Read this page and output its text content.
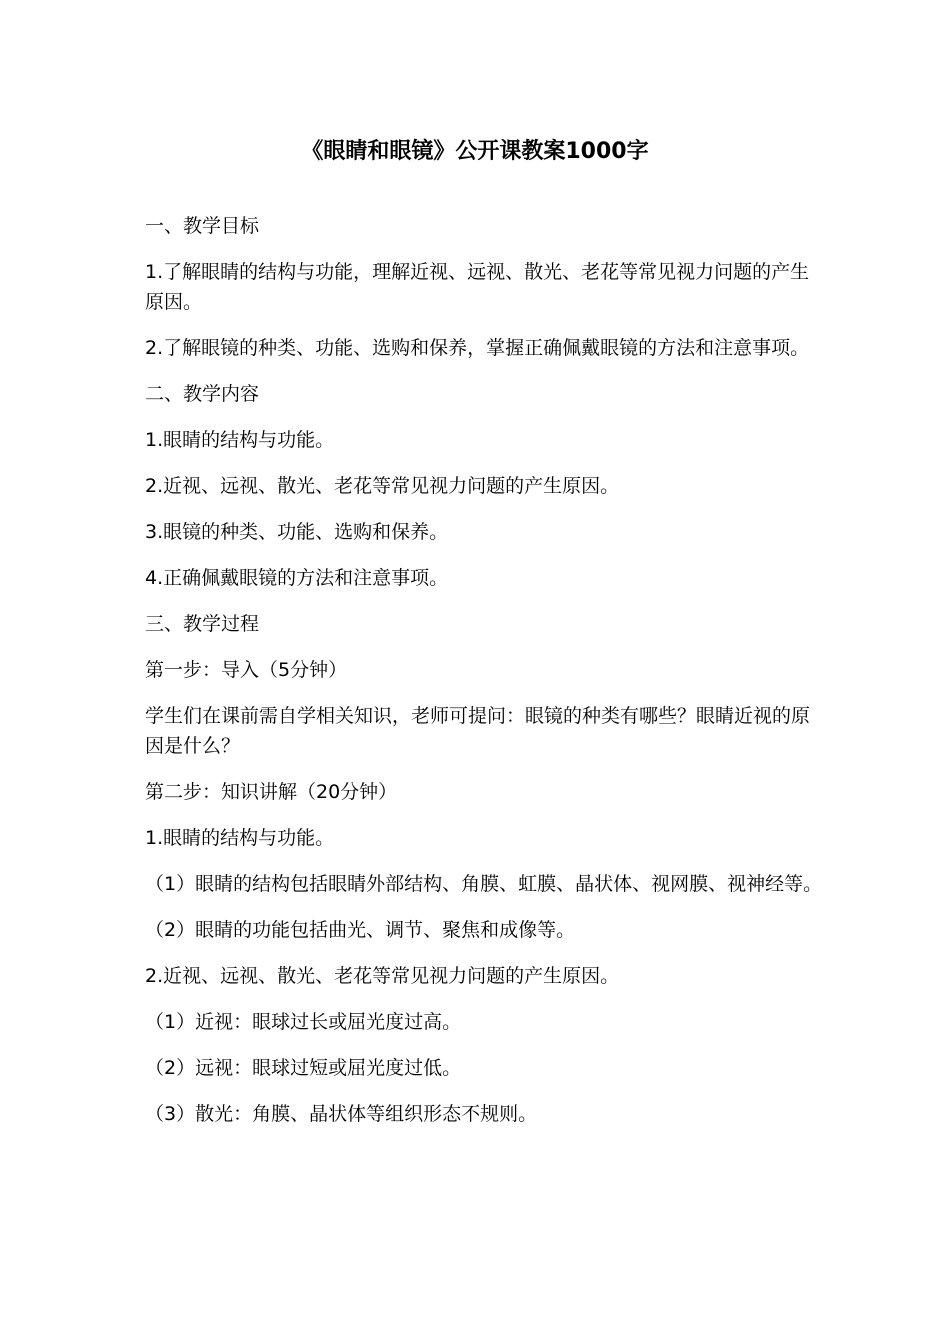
《眼睛和眼镜》公开课教案1000字

一、教学目标

1.了解眼睛的结构与功能，理解近视、远视、散光、老花等常见视力问题的产生原因。

2.了解眼镜的种类、功能、选购和保养，掌握正确佩戴眼镜的方法和注意事项。

二、教学内容

1.眼睛的结构与功能。

2.近视、远视、散光、老花等常见视力问题的产生原因。

3.眼镜的种类、功能、选购和保养。

4.正确佩戴眼镜的方法和注意事项。

三、教学过程

第一步：导入（5分钟）

学生们在课前需自学相关知识，老师可提问：眼镜的种类有哪些？眼睛近视的原因是什么？

第二步：知识讲解（20分钟）

1.眼睛的结构与功能。

（1）眼睛的结构包括眼睛外部结构、角膜、虹膜、晶状体、视网膜、视神经等。

（2）眼睛的功能包括曲光、调节、聚焦和成像等。

2.近视、远视、散光、老花等常见视力问题的产生原因。

（1）近视：眼球过长或屈光度过高。

（2）远视：眼球过短或屈光度过低。

（3）散光：角膜、晶状体等组织形态不规则。
